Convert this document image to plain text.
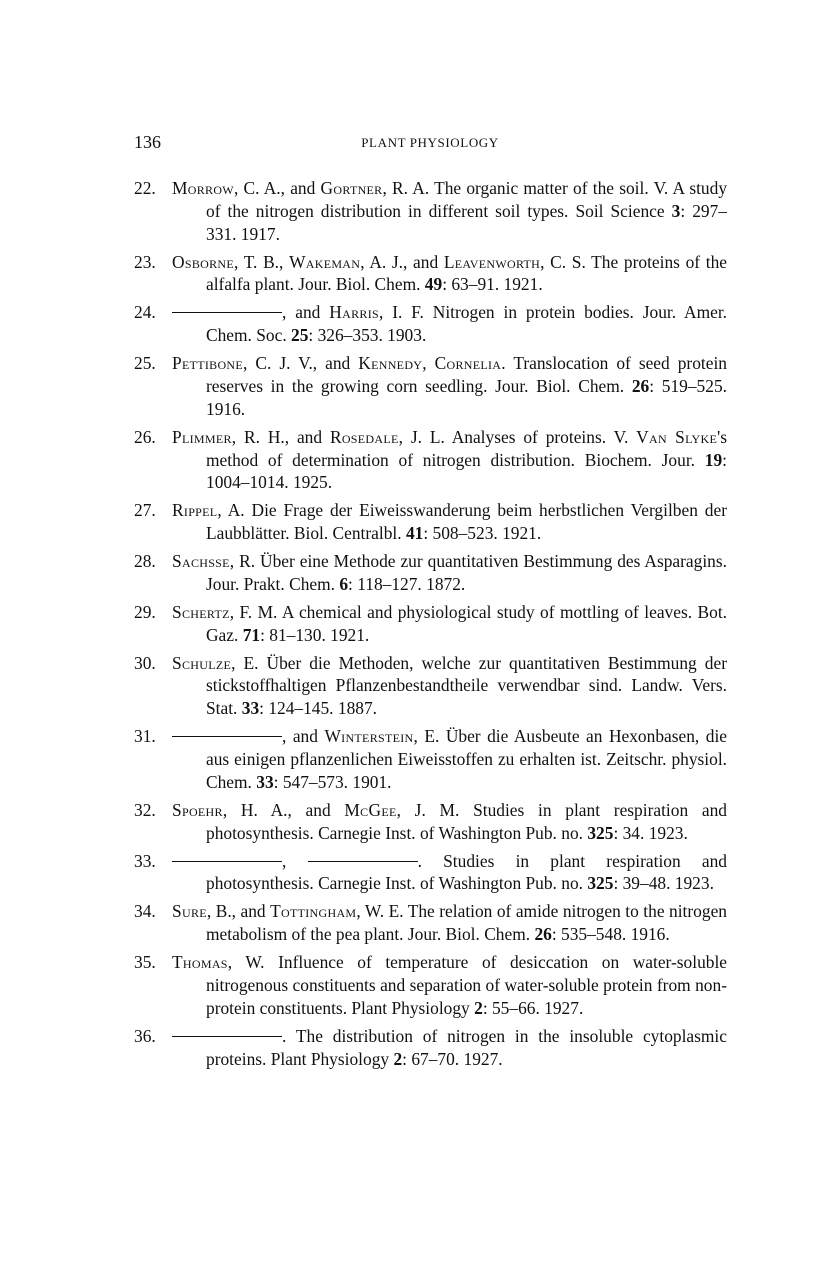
136	PLANT PHYSIOLOGY
22. Morrow, C. A., and Gortner, R. A. The organic matter of the soil. V. A study of the nitrogen distribution in different soil types. Soil Science 3: 297–331. 1917.
23. Osborne, T. B., Wakeman, A. J., and Leavenworth, C. S. The proteins of the alfalfa plant. Jour. Biol. Chem. 49: 63–91. 1921.
24.	, and Harris, I. F. Nitrogen in protein bodies. Jour. Amer. Chem. Soc. 25: 326–353. 1903.
25. Pettibone, C. J. V., and Kennedy, Cornelia. Translocation of seed protein reserves in the growing corn seedling. Jour. Biol. Chem. 26: 519–525. 1916.
26. Plimmer, R. H., and Rosedale, J. L. Analyses of proteins. V. Van Slyke's method of determination of nitrogen distribution. Biochem. Jour. 19: 1004–1014. 1925.
27. Rippel, A. Die Frage der Eiweisswanderung beim herbstlichen Vergilben der Laubblätter. Biol. Centralbl. 41: 508–523. 1921.
28. Sachsse, R. Über eine Methode zur quantitativen Bestimmung des Asparagins. Jour. Prakt. Chem. 6: 118–127. 1872.
29. Schertz, F. M. A chemical and physiological study of mottling of leaves. Bot. Gaz. 71: 81–130. 1921.
30. Schulze, E. Über die Methoden, welche zur quantitativen Bestimmung der stickstoffhaltigen Pflanzenbestandtheile verwendbar sind. Landw. Vers. Stat. 33: 124–145. 1887.
31.	, and Winterstein, E. Über die Ausbeute an Hexonbasen, die aus einigen pflanzenlichen Eiweisstoffen zu erhalten ist. Zeitschr. physiol. Chem. 33: 547–573. 1901.
32. Spoehr, H. A., and McGee, J. M. Studies in plant respiration and photosynthesis. Carnegie Inst. of Washington Pub. no. 325: 34. 1923.
33.	,	. Studies in plant respiration and photosynthesis. Carnegie Inst. of Washington Pub. no. 325: 39–48. 1923.
34. Sure, B., and Tottingham, W. E. The relation of amide nitrogen to the nitrogen metabolism of the pea plant. Jour. Biol. Chem. 26: 535–548. 1916.
35. Thomas, W. Influence of temperature of desiccation on water-soluble nitrogenous constituents and separation of water-soluble protein from non-protein constituents. Plant Physiology 2: 55–66. 1927.
36.	. The distribution of nitrogen in the insoluble cytoplasmic proteins. Plant Physiology 2: 67–70. 1927.
